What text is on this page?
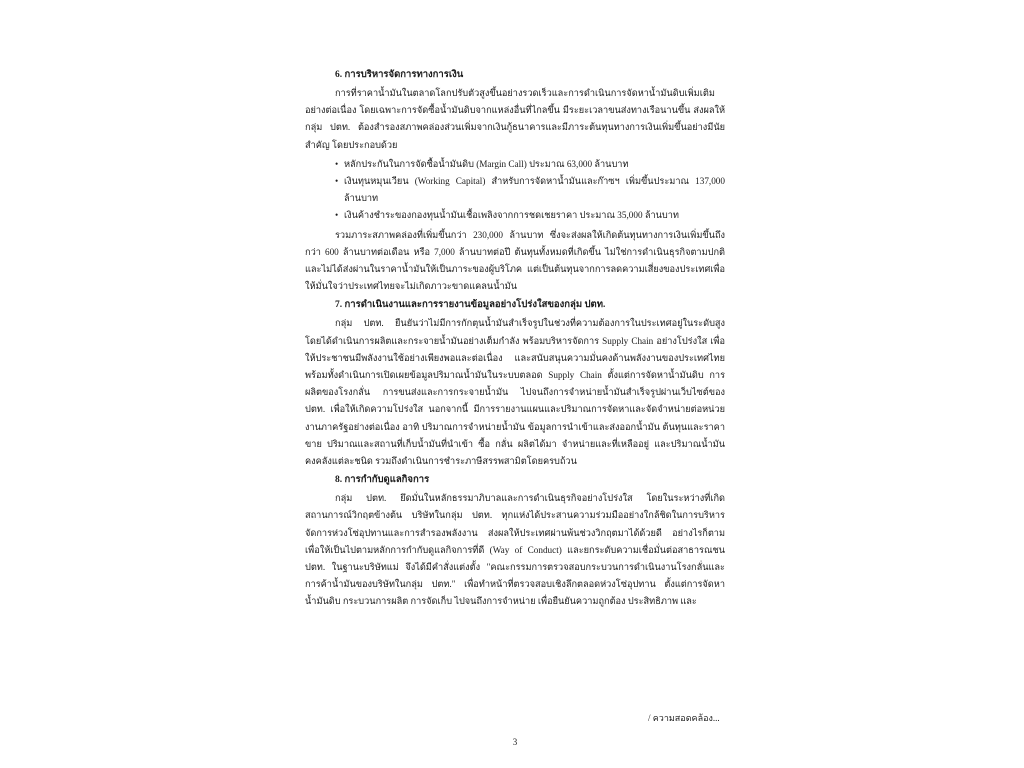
6. การบริหารจัดการทางการเงิน

การที่ราคาน้ำมันในตลาดโลกปรับตัวสูงขึ้นอย่างรวดเร็วและการดำเนินการจัดหาน้ำมันดิบเพิ่มเติมอย่างต่อเนื่อง โดยเฉพาะการจัดซื้อน้ำมันดิบจากแหล่งอื่นที่ไกลขึ้น มีระยะเวลาขนส่งทางเรือนานขึ้น ส่งผลให้กลุ่ม ปตท. ต้องสำรองสภาพคล่องส่วนเพิ่มจากเงินกู้ธนาคารและมีภาระต้นทุนทางการเงินเพิ่มขึ้นอย่างมีนัยสำคัญ โดยประกอบด้วย

• หลักประกันในการจัดซื้อน้ำมันดิบ (Margin Call) ประมาณ 63,000 ล้านบาท
• เงินทุนหมุนเวียน (Working Capital) สำหรับการจัดหาน้ำมันและก๊าซฯ เพิ่มขึ้นประมาณ 137,000 ล้านบาท
• เงินค้างชำระของกองทุนน้ำมันเชื้อเพลิงจากการชดเชยราคา ประมาณ 35,000 ล้านบาท

รวมภาระสภาพคล่องที่เพิ่มขึ้นกว่า 230,000 ล้านบาท ซึ่งจะส่งผลให้เกิดต้นทุนทางการเงินเพิ่มขึ้นถึงกว่า 600 ล้านบาทต่อเดือน หรือ 7,000 ล้านบาทต่อปี ต้นทุนทั้งหมดที่เกิดขึ้น ไม่ใช่การดำเนินธุรกิจตามปกติ และไม่ได้ส่งผ่านในราคาน้ำมันให้เป็นภาระของผู้บริโภค แต่เป็นต้นทุนจากการลดความเสี่ยงของประเทศเพื่อให้มั่นใจว่าประเทศไทยจะไม่เกิดภาวะขาดแคลนน้ำมัน

7. การดำเนินงานและการรายงานข้อมูลอย่างโปร่งใสของกลุ่ม ปตท.

กลุ่ม ปตท. ยืนยันว่าไม่มีการกักตุนน้ำมันสำเร็จรูปในช่วงที่ความต้องการในประเทศอยู่ในระดับสูง โดยได้ดำเนินการผลิตและกระจายน้ำมันอย่างเต็มกำลัง พร้อมบริหารจัดการ Supply Chain อย่างโปร่งใส เพื่อให้ประชาชนมีพลังงานใช้อย่างเพียงพอและต่อเนื่อง และสนับสนุนความมั่นคงด้านพลังงานของประเทศไทย พร้อมทั้งดำเนินการเปิดเผยข้อมูลปริมาณน้ำมันในระบบตลอด Supply Chain ตั้งแต่การจัดหาน้ำมันดิบ การผลิตของโรงกลั่น การขนส่งและการกระจายน้ำมัน ไปจนถึงการจำหน่ายน้ำมันสำเร็จรูปผ่านเว็บไซต์ของ ปตท. เพื่อให้เกิดความโปร่งใส นอกจากนี้ มีการรายงานแผนและปริมาณการจัดหาและจัดจำหน่ายต่อหน่วยงานภาครัฐอย่างต่อเนื่อง อาทิ ปริมาณการจำหน่ายน้ำมัน ข้อมูลการนำเข้าและส่งออกน้ำมัน ต้นทุนและราคาขาย ปริมาณและสถานที่เก็บน้ำมันที่นำเข้า ซื้อ กลั่น ผลิตได้มา จำหน่ายและที่เหลืออยู่ และปริมาณน้ำมันคงคลังแต่ละชนิด รวมถึงดำเนินการชำระภาษีสรรพสามิตโดยครบถ้วน

8. การกำกับดูแลกิจการ

กลุ่ม ปตท. ยึดมั่นในหลักธรรมาภิบาลและการดำเนินธุรกิจอย่างโปร่งใส โดยในระหว่างที่เกิดสถานการณ์วิกฤตข้างต้น บริษัทในกลุ่ม ปตท. ทุกแห่งได้ประสานความร่วมมืออย่างใกล้ชิดในการบริหารจัดการห่วงโซ่อุปทานและการสำรองพลังงาน ส่งผลให้ประเทศผ่านพ้นช่วงวิกฤตมาได้ด้วยดี อย่างไรก็ตาม เพื่อให้เป็นไปตามหลักการกำกับดูแลกิจการที่ดี (Way of Conduct) และยกระดับความเชื่อมั่นต่อสาธารณชน ปตท. ในฐานะบริษัทแม่ จึงได้มีคำสั่งแต่งตั้ง "คณะกรรมการตรวจสอบกระบวนการดำเนินงานโรงกลั่นและการค้าน้ำมันของบริษัทในกลุ่ม ปตท." เพื่อทำหน้าที่ตรวจสอบเชิงลึกตลอดห่วงโซ่อุปทาน ตั้งแต่การจัดหาน้ำมันดิบ กระบวนการผลิต การจัดเก็บ ไปจนถึงการจำหน่าย เพื่อยืนยันความถูกต้อง ประสิทธิภาพ และ

/ ความสอดคล้อง...
3
